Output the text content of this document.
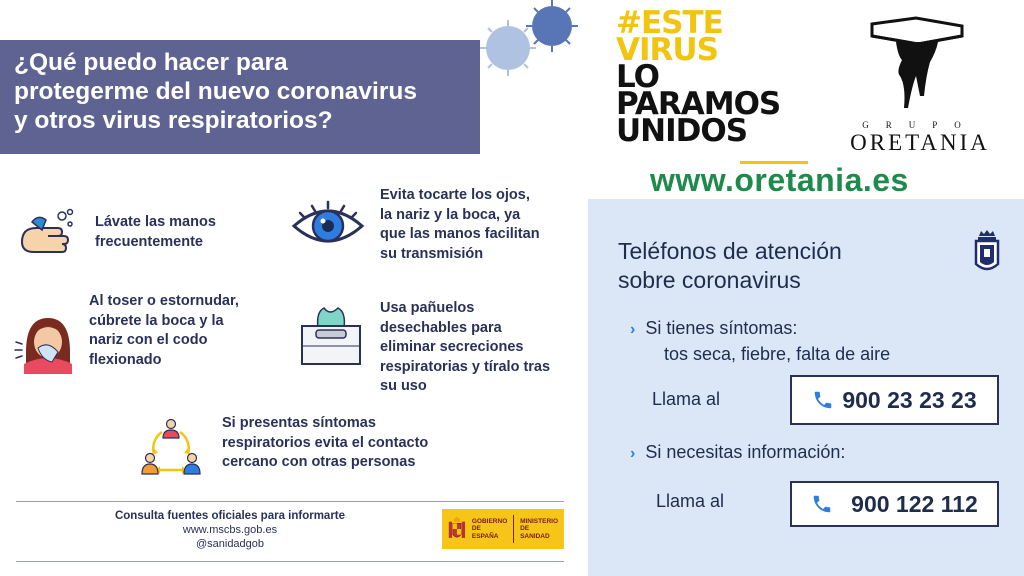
¿Qué puedo hacer para
protegerme del nuevo coronavirus
y otros virus respiratorios?
Lávate las manos
frecuentemente
Evita tocarte los ojos,
la nariz y la boca, ya
que las manos facilitan
su transmisión
Al toser o estornudar,
cúbrete la boca y la
nariz con el codo
flexionado
Usa pañuelos
desechables para
eliminar secreciones
respiratorias y tíralo tras
su uso
Si presentas síntomas
respiratorios evita el contacto
cercano con otras personas
Consulta fuentes oficiales para informarte
www.mscbs.gob.es
@sanidadgob
GOBIERNO
DE ESPAÑA
MINISTERIO
DE SANIDAD
#ESTE
VIRUS
LO
PARAMOS
UNIDOS	GRUPO
ORETANIA
www.oretania.es
Teléfonos de atención
sobre coronavirus
› Si tienes síntomas:
tos seca, fiebre, falta de aire
Llama al	900 23 23 23
› Si necesitas información:
Llama al	900 122 112
